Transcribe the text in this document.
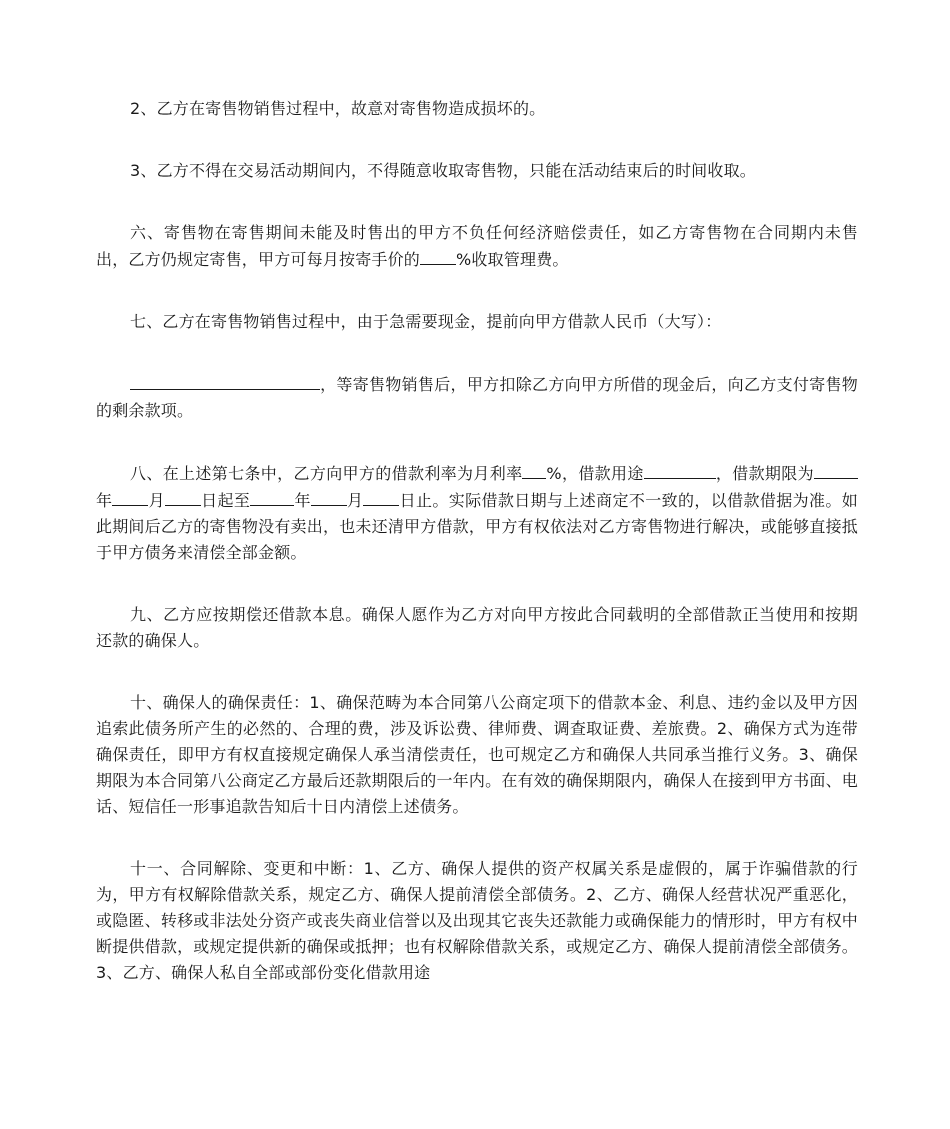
2、乙方在寄售物销售过程中，故意对寄售物造成损坏的。

3、乙方不得在交易活动期间内，不得随意收取寄售物，只能在活动结束后的时间收取。

六、寄售物在寄售期间未能及时售出的甲方不负任何经济赔偿责任，如乙方寄售物在合同期内未售出，乙方仍规定寄售，甲方可每月按寄手价的 %收取管理费。

七、乙方在寄售物销售过程中，由于急需要现金，提前向甲方借款人民币（大写）：

，等寄售物销售后，甲方扣除乙方向甲方所借的现金后，向乙方支付寄售物的剩余款项。

八、在上述第七条中，乙方向甲方的借款利率为月利率 %，借款用途	，借款期限为年 月 日起至	年 月 日止。实际借款日期与上述商定不一致的，以借款借据为准。如此期间后乙方的寄售物没有卖出，也未还清甲方借款，甲方有权依法对乙方寄售物进行解决，或能够直接抵于甲方债务来清偿全部金额。

九、乙方应按期偿还借款本息。确保人愿作为乙方对向甲方按此合同载明的全部借款正当使用和按期还款的确保人。

十、确保人的确保责任：1、确保范畴为本合同第八公商定项下的借款本金、利息、违约金以及甲方因追索此债务所产生的必然的、合理的费，涉及诉讼费、律师费、调查取证费、差旅费。2、确保方式为连带确保责任，即甲方有权直接规定确保人承当清偿责任，也可规定乙方和确保人共同承当推行义务。3、确保期限为本合同第八公商定乙方最后还款期限后的一年内。在有效的确保期限内，确保人在接到甲方书面、电话、短信任一形事追款告知后十日内清偿上述债务。

十一、合同解除、变更和中断：1、乙方、确保人提供的资产权属关系是虚假的，属于诈骗借款的行为，甲方有权解除借款关系，规定乙方、确保人提前清偿全部债务。2、乙方、确保人经营状况严重恶化，或隐匿、转移或非法处分资产或丧失商业信誉以及出现其它丧失还款能力或确保能力的情形时，甲方有权中断提供借款，或规定提供新的确保或抵押；也有权解除借款关系，或规定乙方、确保人提前清偿全部债务。3、乙方、确保人私自全部或部份变化借款用途
